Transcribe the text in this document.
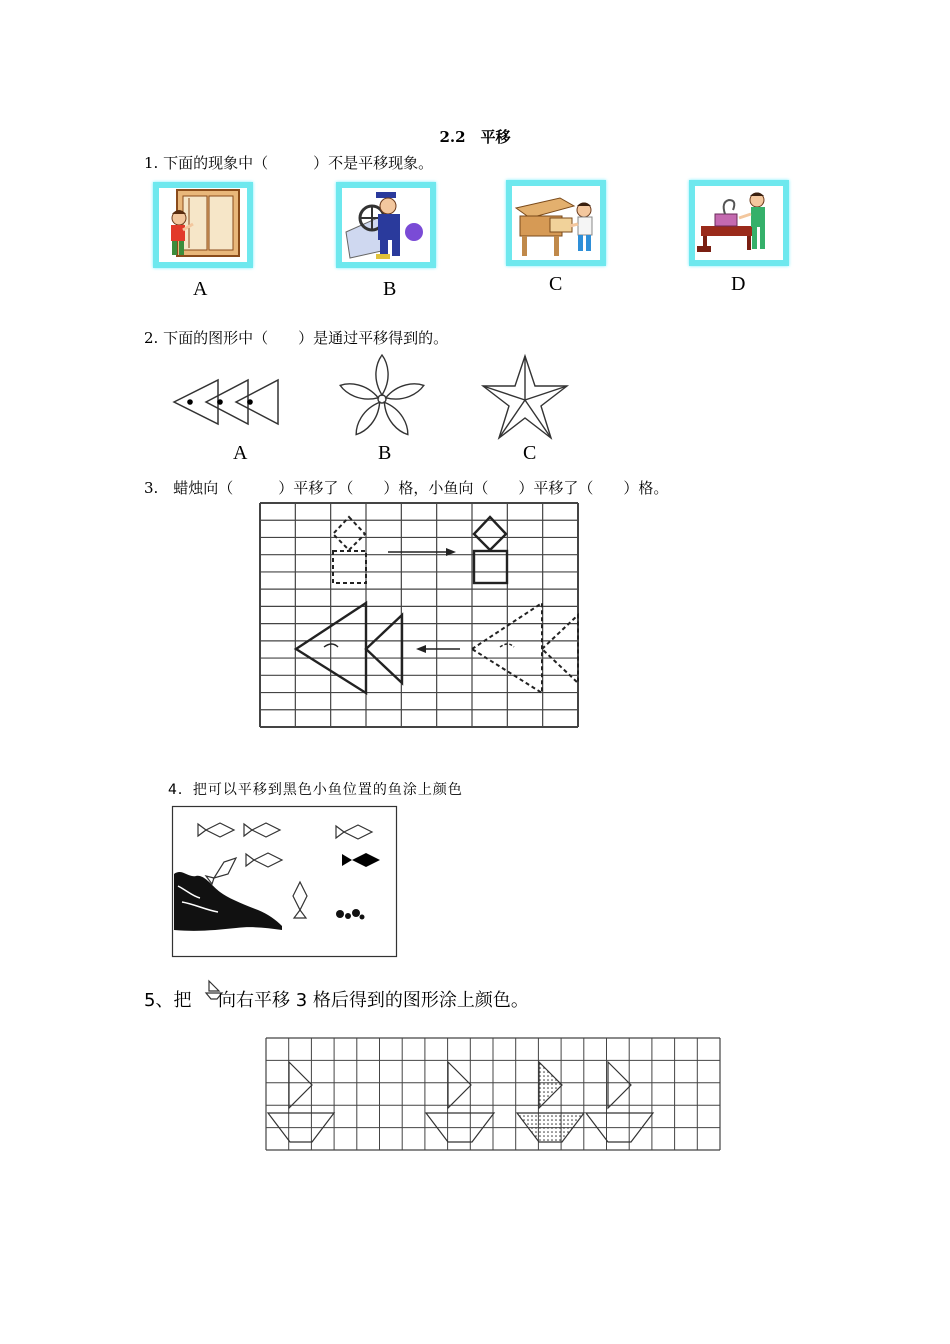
2.2　平移
1. 下面的现象中（　　　）不是平移现象。
A	B	C	D
2. 下面的图形中（　　）是通过平移得到的。
A	B	C
3.　蜡烛向（　　　）平移了（　　）格，小鱼向（　　）平移了（　　）格。
4．把可以平移到黑色小鱼位置的鱼涂上颜色
5、把 向右平移 3 格后得到的图形涂上颜色。
